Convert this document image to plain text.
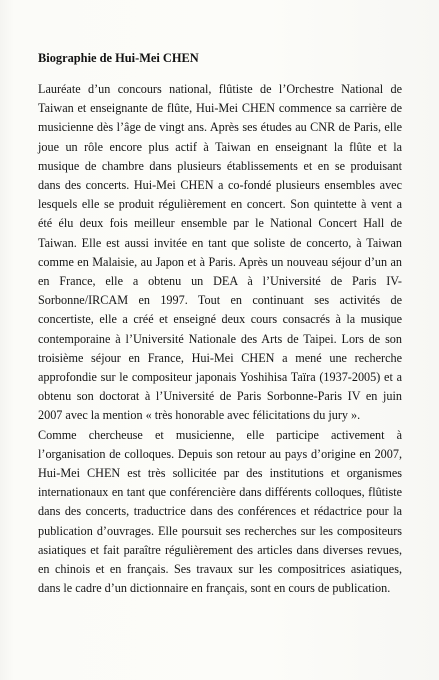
Biographie de Hui-Mei CHEN
Lauréate d’un concours national, flûtiste de l’Orchestre National de
Taiwan et enseignante de flûte, Hui-Mei CHEN commence sa carrière de
musicienne dès l’âge de vingt ans. Après ses études au CNR de Paris, elle
joue un rôle encore plus actif à Taiwan en enseignant la flûte et la
musique de chambre dans plusieurs établissements et en se produisant
dans des concerts. Hui-Mei CHEN a co-fondé plusieurs ensembles avec
lesquels elle se produit régulièrement en concert. Son quintette à vent a
été élu deux fois meilleur ensemble par le National Concert Hall de
Taiwan. Elle est aussi invitée en tant que soliste de concerto, à Taiwan
comme en Malaisie, au Japon et à Paris. Après un nouveau séjour d’un an
en France, elle a obtenu un DEA à l’Université de Paris IV-
Sorbonne/IRCAM en 1997. Tout en continuant ses activités de
concertiste, elle a créé et enseigné deux cours consacrés à la musique
contemporaine à l’Université Nationale des Arts de Taipei. Lors de son
troisième séjour en France, Hui-Mei CHEN a mené une recherche
approfondie sur le compositeur japonais Yoshihisa Taïra (1937-2005) et a
obtenu son doctorat à l’Université de Paris Sorbonne-Paris IV en juin
2007 avec la mention « très honorable avec félicitations du jury ».
Comme chercheuse et musicienne, elle participe activement à
l’organisation de colloques. Depuis son retour au pays d’origine en 2007,
Hui-Mei CHEN est très sollicitée par des institutions et organismes
internationaux en tant que conférencière dans différents colloques, flûtiste
dans des concerts, traductrice dans des conférences et rédactrice pour la
publication d’ouvrages. Elle poursuit ses recherches sur les compositeurs
asiatiques et fait paraître régulièrement des articles dans diverses revues,
en chinois et en français. Ses travaux sur les compositrices asiatiques,
dans le cadre d’un dictionnaire en français, sont en cours de publication.
